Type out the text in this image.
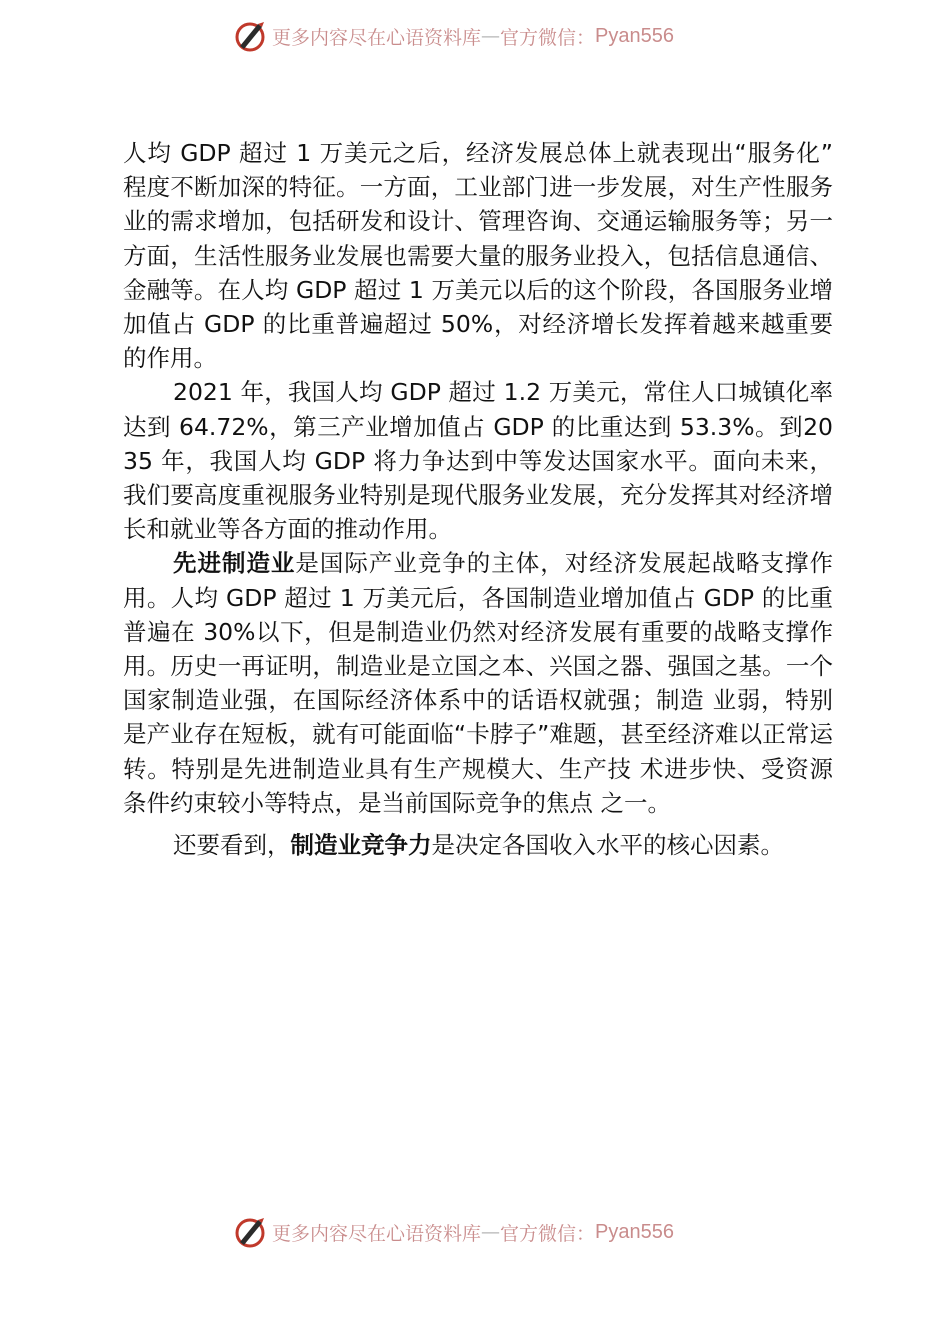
更多内容尽在心语资料库 — 官方微信： Pyan556

人均 GDP 超过 1 万美元之后，经济发展总体上就表现出“服务化” 程度不断加深的特征。一方面，工业部门进一步发展，对生产性服务业的需求增加，包括研发和设计、管理咨询、交通运输服务等；另一方面，生活性服务业发展也需要大量的服务业投入，包括信息通信、金融等。在人均 GDP 超过 1 万美元以后的这个阶段，各国服务业增加值占 GDP 的比重普遍超过 50%，对经济增长发挥着越来越重要的作用。

2021 年，我国人均 GDP 超过 1.2 万美元，常住人口城镇化率达到 64.72%，第三产业增加值占 GDP 的比重达到 53.3%。到2035 年，我国人均 GDP 将力争达到中等发达国家水平。面向未来，我们要高度重视服务业特别是现代服务业发展，充分发挥其对经济增长和就业等各方面的推动作用。

先进制造业是国际产业竞争的主体，对经济发展起战略支撑作用。人均 GDP 超过 1 万美元后，各国制造业增加值占 GDP 的比重普遍在 30%以下，但是制造业仍然对经济发展有重要的战略支撑作用。历史一再证明，制造业是立国之本、兴国之器、强国之基。一个国家制造业强，在国际经济体系中的话语权就强；制造 业弱，特别是产业存在短板，就有可能面临“卡脖子”难题，甚至经济难以正常运转。特别是先进制造业具有生产规模大、生产技 术进步快、受资源条件约束较小等特点，是当前国际竞争的焦点 之一。

还要看到，制造业竞争力是决定各国收入水平的核心因素。

更多内容尽在心语资料库 — 官方微信： Pyan556
